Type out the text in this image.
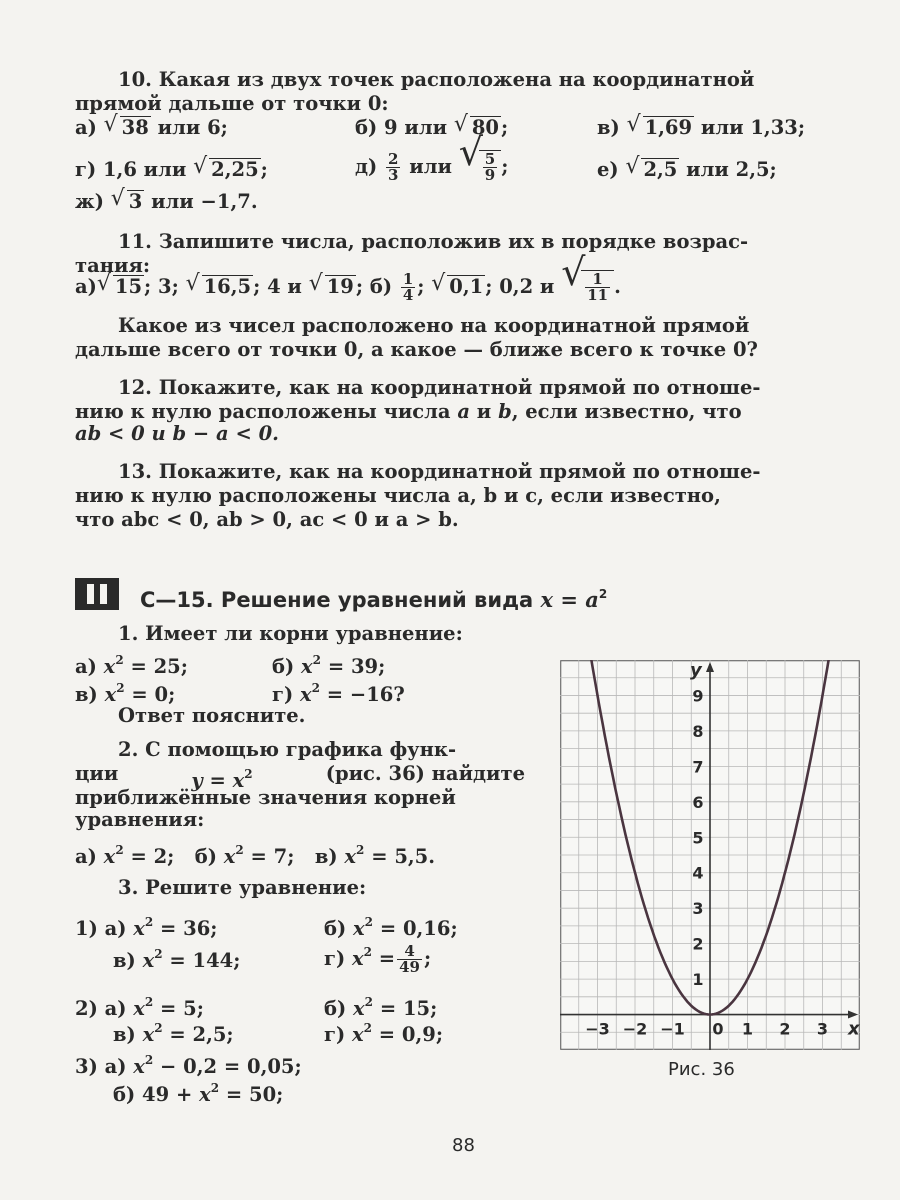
10. Какая из двух точек расположена на координатной
прямой дальше от точки 0:
а) √ 38 или 6;	б) 9 или √ 80 ;	в) √ 1,69 или 1,33;
г) 1,6 или √ 2,25 ;	$д) \frac{2}{3}$ или √ $\frac{5}{9}$ ;	е) √ 2,5 или 2,5;
ж) √ 3 или −1,7.
11. Запишите числа, расположив их в порядке возрас-
тания:
а) √ 15 ; 3; √ 16,5 ; 4 и √ 19 ; $б) \frac{1}{4}$ ; √ 0,1 ; 0,2 и √ $\frac{1}{11}$ .
Какое из чисел расположено на координатной прямой
дальше всего от точки 0, а какое — ближе всего к точке 0?
12. Покажите, как на координатной прямой по отноше-
нию к нулю расположены числа a и b, если известно, что
ab < 0 и b − a < 0.
13. Покажите, как на координатной прямой по отноше-
нию к нулю расположены числа a, b и c, если известно,
что abc < 0, ab > 0, ac < 0 и a > b.
С—15. Решение уравнений вида $x = a^2$
1. Имеет ли корни уравнение:
а) $x^2 = 25$;	б) $x^2 = 39$;
в) $x^2 = 0$;	г) $x^2 = -16$?
Ответ поясните.
2. С помощью графика функ-
ции	$y = x^2$	(рис. 36) найдите
приближённые значения корней
уравнения:
а) $x^2 = 2$; б) $x^2 = 7$; в) $x^2 = 5,5$.
3. Решите уравнение:
1) а) $x^2 = 36$;	б) $x^2 = 0,16$;
в) $x^2 = 144$;	г) $x^2 = \frac{4}{49}$ ;
2) а) $x^2 = 5$;	б) $x^2 = 15$;
в) $x^2 = 2,5$;	г) $x^2 = 0,9$;
3) а) $x^2 - 0,2 = 0,05$;
б) $49 + x^2 = 50$;
−3 −2 −1 0 1 2 3
1
2
3
4
5
6
7
8
9
x
y
Рис. 36
88
